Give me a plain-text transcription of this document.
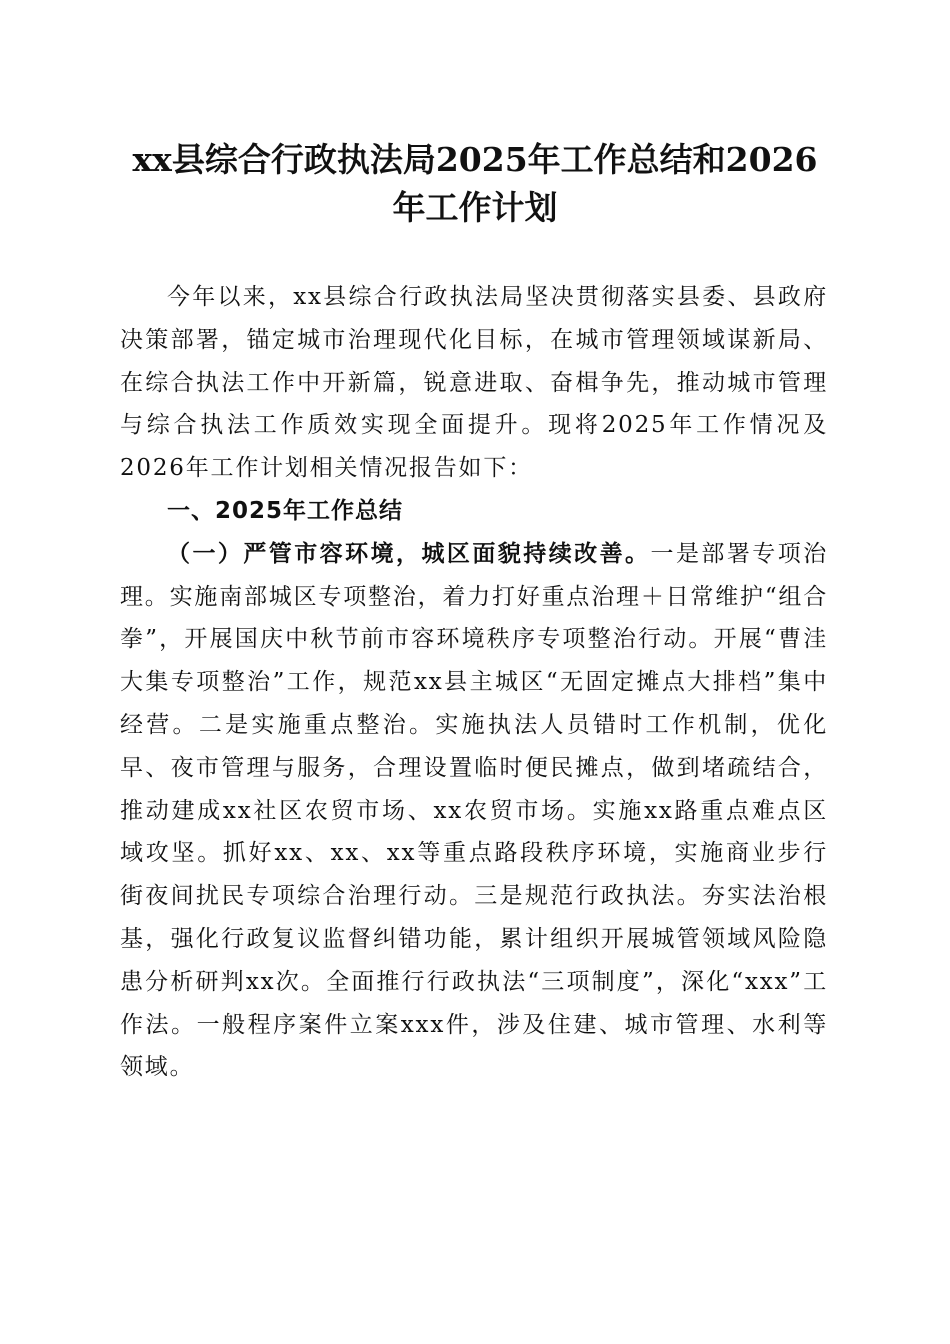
xx县综合行政执法局2025年工作总结和2026
年工作计划

今年以来，xx县综合行政执法局坚决贯彻落实县委、县政府决策部署，锚定城市治理现代化目标，在城市管理领域谋新局、在综合执法工作中开新篇，锐意进取、奋楫争先，推动城市管理与综合执法工作质效实现全面提升。现将2025年工作情况及2026年工作计划相关情况报告如下：

一、2025年工作总结

（一）严管市容环境，城区面貌持续改善。一是部署专项治理。实施南部城区专项整治，着力打好重点治理＋日常维护“组合拳”，开展国庆中秋节前市容环境秩序专项整治行动。开展“曹洼大集专项整治”工作，规范xx县主城区“无固定摊点大排档”集中经营。二是实施重点整治。实施执法人员错时工作机制，优化早、夜市管理与服务，合理设置临时便民摊点，做到堵疏结合，推动建成xx社区农贸市场、xx农贸市场。实施xx路重点难点区域攻坚。抓好xx、xx、xx等重点路段秩序环境，实施商业步行街夜间扰民专项综合治理行动。三是规范行政执法。夯实法治根基，强化行政复议监督纠错功能，累计组织开展城管领域风险隐患分析研判xx次。全面推行行政执法“三项制度”，深化“xxx”工作法。一般程序案件立案xxx件，涉及住建、城市管理、水利等领域。
